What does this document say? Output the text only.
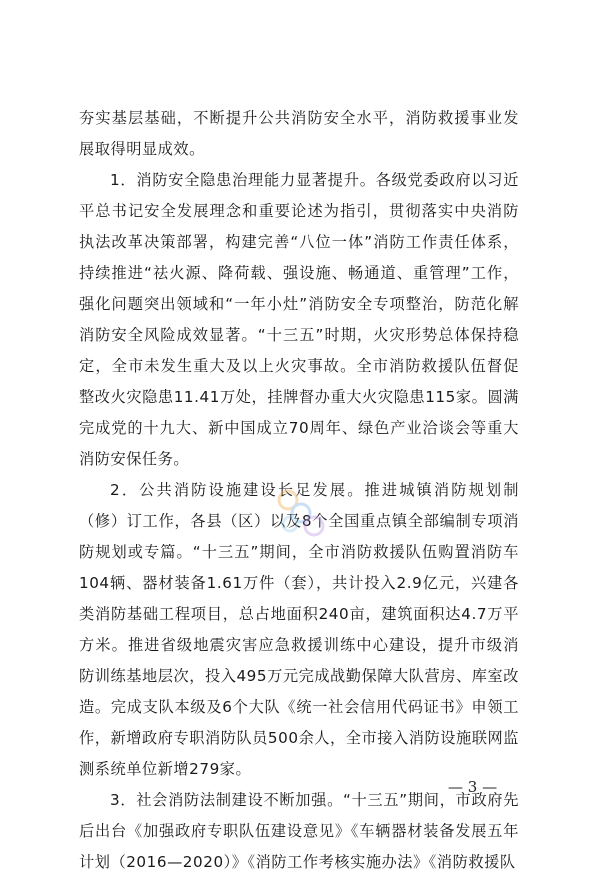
夯实基层基础，不断提升公共消防安全水平，消防救援事业发展取得明显成效。

1．消防安全隐患治理能力显著提升。各级党委政府以习近平总书记安全发展理念和重要论述为指引，贯彻落实中央消防执法改革决策部署，构建完善“八位一体”消防工作责任体系，持续推进“祛火源、降荷载、强设施、畅通道、重管理”工作，强化问题突出领域和“一年小灶”消防安全专项整治，防范化解消防安全风险成效显著。“十三五”时期，火灾形势总体保持稳定，全市未发生重大及以上火灾事故。全市消防救援队伍督促整改火灾隐患11.41万处，挂牌督办重大火灾隐患115家。圆满完成党的十九大、新中国成立70周年、绿色产业洽谈会等重大消防安保任务。

2．公共消防设施建设长足发展。推进城镇消防规划制（修）订工作，各县（区）以及8个全国重点镇全部编制专项消防规划或专篇。“十三五”期间，全市消防救援队伍购置消防车104辆、器材装备1.61万件（套），共计投入2.9亿元，兴建各类消防基础工程项目，总占地面积240亩，建筑面积达4.7万平方米。推进省级地震灾害应急救援训练中心建设，提升市级消防训练基地层次，投入495万元完成战勤保障大队营房、库室改造。完成支队本级及6个大队《统一社会信用代码证书》申领工作，新增政府专职消防队员500余人，全市接入消防设施联网监测系统单位新增279家。

3．社会消防法制建设不断加强。“十三五”期间，市政府先后出台《加强政府专职队伍建设意见》《车辆器材装备发展五年计划（2016—2020）》《消防工作考核实施办法》《消防救援队

— 3 —
